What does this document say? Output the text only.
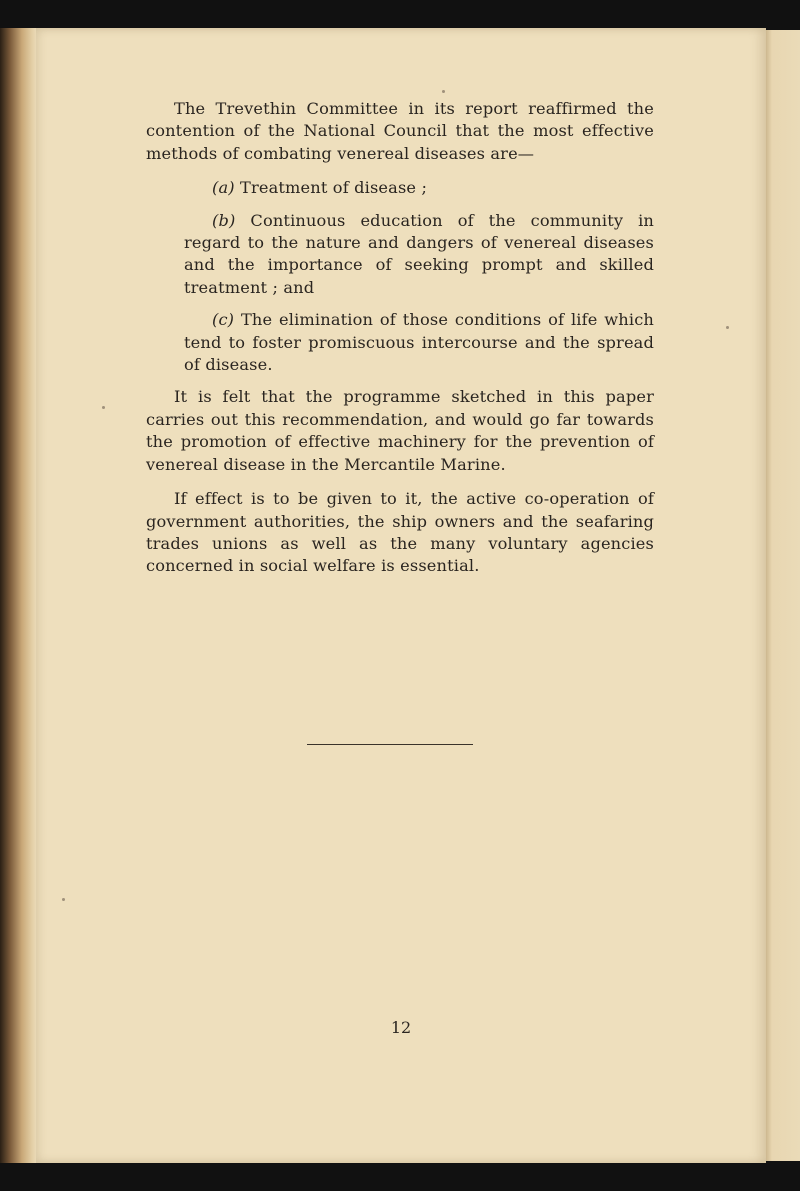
The Trevethin Committee in its report reaffirmed the contention of the National Council that the most effective methods of combating venereal diseases are—

(a) Treatment of disease ;

(b) Continuous education of the community in regard to the nature and dangers of venereal diseases and the importance of seeking prompt and skilled treatment ; and

(c) The elimination of those conditions of life which tend to foster promiscuous intercourse and the spread of disease.

It is felt that the programme sketched in this paper carries out this recommendation, and would go far towards the promotion of effective machinery for the prevention of venereal disease in the Mercantile Marine.

If effect is to be given to it, the active co-operation of government authorities, the ship owners and the seafaring trades unions as well as the many voluntary agencies concerned in social welfare is essential.

12
